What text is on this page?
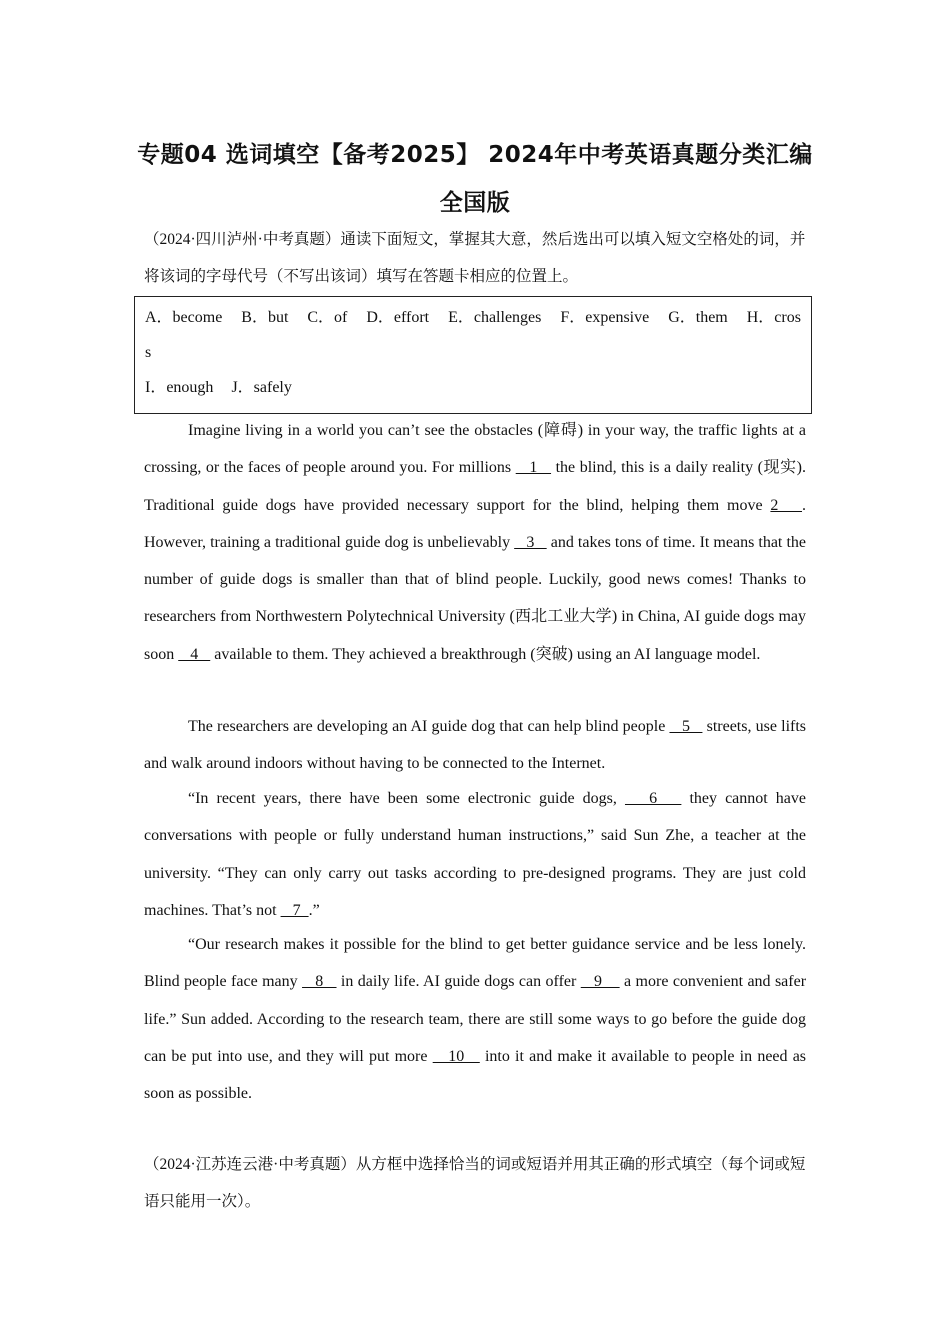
专题04 选词填空【备考2025】 2024年中考英语真题分类汇编
全国版
（2024·四川泸州·中考真题）通读下面短文，掌握其大意，然后选出可以填入短文空格处的词，并将该词的字母代号（不写出该词）填写在答题卡相应的位置上。
A．become B．but C．of D．effort E．challenges F．expensive G．them H．cros
s
I．enough J．safely

Imagine living in a world you can’t see the obstacles (障碍) in your way, the traffic lights at a crossing, or the faces of people around you. For millions    1    the blind, this is a daily reality (现实). Traditional guide dogs have provided necessary support for the blind, helping them move 2   . However, training a traditional guide dog is unbelievably    3    and takes tons of time. It means that the number of guide dogs is smaller than that of blind people. Luckily, good news comes! Thanks to researchers from Northwestern Polytechnical University (西北工业大学) in China, AI guide dogs may soon    4    available to them. They achieved a breakthrough (突破) using an AI language model.

The researchers are developing an AI guide dog that can help blind people    5    streets, use lifts and walk around indoors without having to be connected to the Internet.

“In recent years, there have been some electronic guide dogs,    6    they cannot have conversations with people or fully understand human instructions,” said Sun Zhe, a teacher at the university. “They can only carry out tasks according to pre-designed programs. They are just cold machines. That’s not    7  .”

“Our research makes it possible for the blind to get better guidance service and be less lonely. Blind people face many    8    in daily life. AI guide dogs can offer    9     a more convenient and safer life.” Sun added. According to the research team, there are still some ways to go before the guide dog can be put into use, and they will put more    10    into it and make it available to people in need as soon as possible.

（2024·江苏连云港·中考真题）从方框中选择恰当的词或短语并用其正确的形式填空（每个词或短语只能用一次）。
